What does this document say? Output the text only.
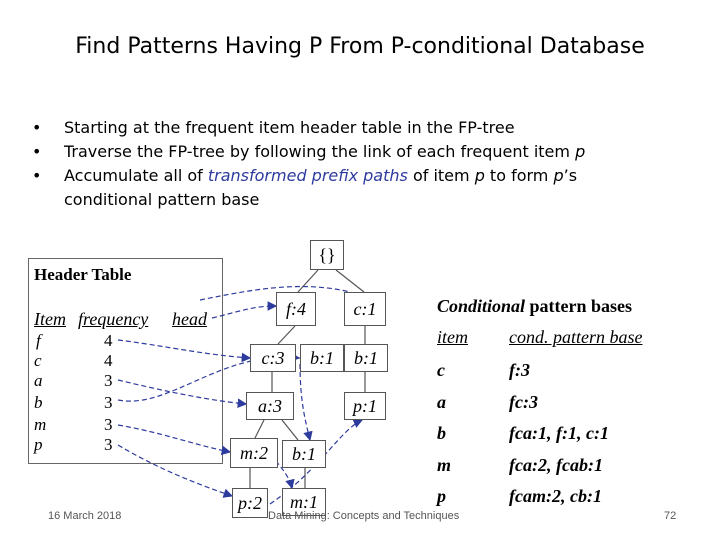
Find Patterns Having P From P-conditional Database
• Starting at the frequent item header table in the FP-tree
• Traverse the FP-tree by following the link of each frequent item p
• Accumulate all of transformed prefix paths of item p to form p’s
conditional pattern base
Header Table
Item frequency head
f	4
c	4
a	3
b	3
m	3
p	3
{}
f:4	c:1
c:3	b:1	b:1
a:3	p:1
m:2	b:1
p:2	m:1
Conditional pattern bases
item cond. pattern base
c	f:3
a	fc:3
b	fca:1, f:1, c:1
m	fca:2, fcab:1
p	fcam:2, cb:1
16 March 2018	Data Mining: Concepts and Techniques	72
